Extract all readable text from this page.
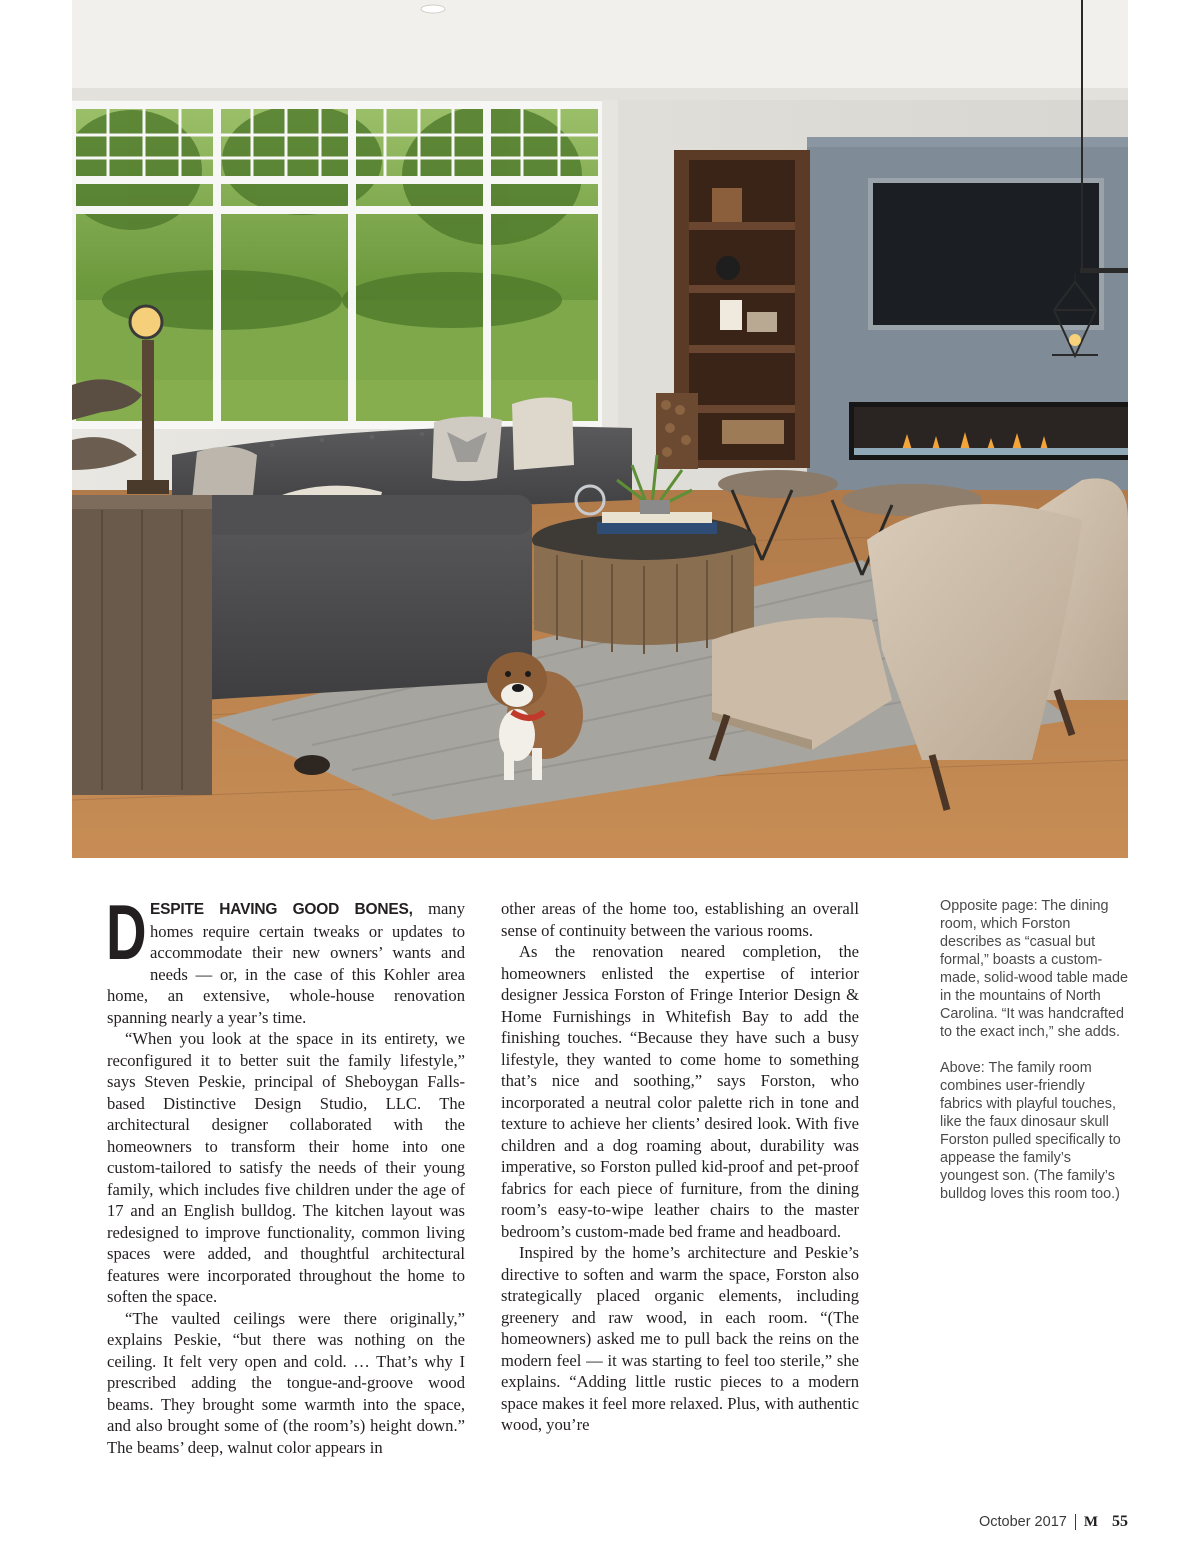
DESPITE HAVING GOOD BONES, many homes require certain tweaks or updates to accommodate their new owners’ wants and needs — or, in the case of this Kohler area home, an extensive, whole-house renovation spanning nearly a year’s time.

“When you look at the space in its entirety, we reconfigured it to better suit the family lifestyle,” says Steven Peskie, principal of Sheboygan Falls-based Distinctive Design Studio, LLC. The architectural designer collaborated with the homeowners to transform their home into one custom-tailored to satisfy the needs of their young family, which includes five children under the age of 17 and an English bulldog. The kitchen layout was redesigned to improve functionality, common living spaces were added, and thoughtful architectural features were incorporated throughout the home to soften the space.

“The vaulted ceilings were there originally,” explains Peskie, “but there was nothing on the ceiling. It felt very open and cold. … That’s why I prescribed adding the tongue-and-groove wood beams. They brought some warmth into the space, and also brought some of (the room’s) height down.” The beams’ deep, walnut color appears in

other areas of the home too, establishing an overall sense of continuity between the various rooms.

As the renovation neared completion, the homeowners enlisted the expertise of interior designer Jessica Forston of Fringe Interior Design & Home Furnishings in Whitefish Bay to add the finishing touches. “Because they have such a busy lifestyle, they wanted to come home to something that’s nice and soothing,” says Forston, who incorporated a neutral color palette rich in tone and texture to achieve her clients’ desired look. With five children and a dog roaming about, durability was imperative, so Forston pulled kid-proof and pet-proof fabrics for each piece of furniture, from the dining room’s easy-to-wipe leather chairs to the master bedroom’s custom-made bed frame and headboard.

Inspired by the home’s architecture and Peskie’s directive to soften and warm the space, Forston also strategically placed organic elements, including greenery and raw wood, in each room. “(The homeowners) asked me to pull back the reins on the modern feel — it was starting to feel too sterile,” she explains. “Adding little rustic pieces to a modern space makes it feel more relaxed. Plus, with authentic wood, you’re

Opposite page: The dining room, which Forston describes as “casual but formal,” boasts a custom-made, solid-wood table made in the mountains of North Carolina. “It was handcrafted to the exact inch,” she adds.

Above: The family room combines user-friendly fabrics with playful touches, like the faux dinosaur skull Forston pulled specifically to appease the family’s youngest son. (The family’s bulldog loves this room too.)

October 2017 M 55
